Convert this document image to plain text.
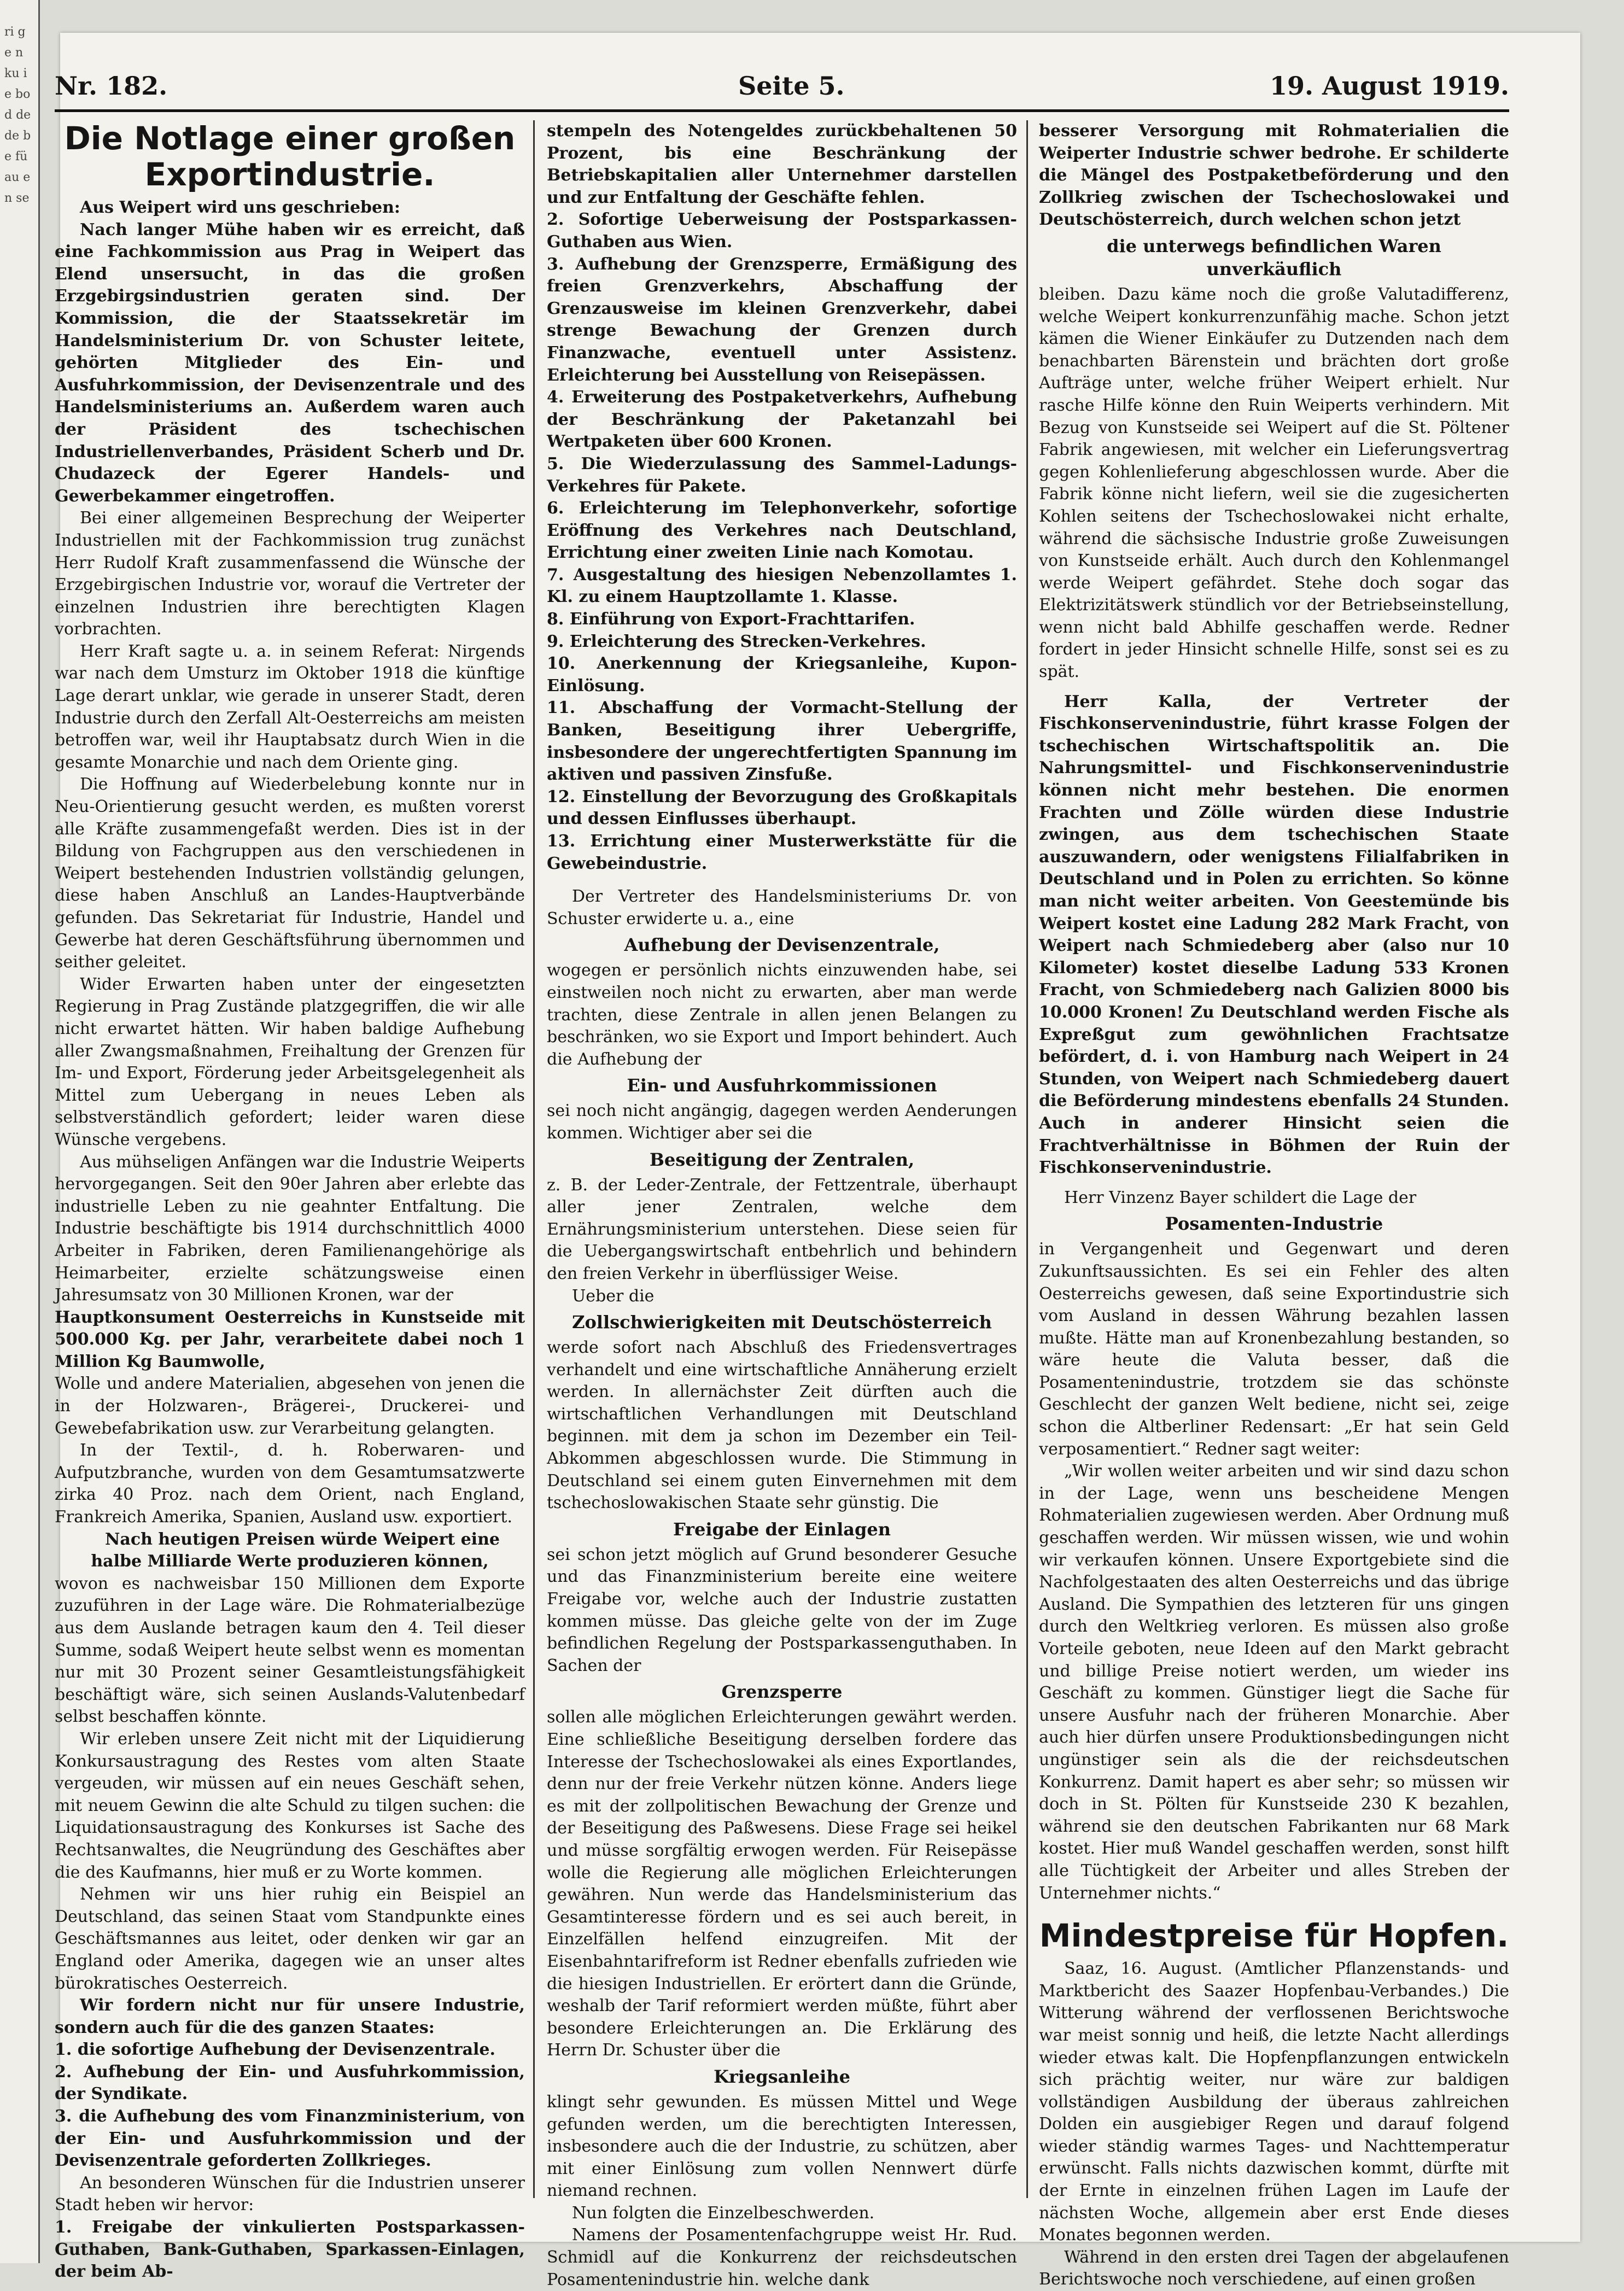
ri g e n ku ie bo d de de be fü au en se
Nr. 182.	Seite 5.	19. August 1919.
Die Notlage einer großen Exportindustrie.

Aus Weipert wird uns geschrieben:

Nach langer Mühe haben wir es erreicht, daß eine Fachkommission aus Prag in Weipert das Elend unsersucht, in das die großen Erzgebirgsindustrien geraten sind. Der Kommission, die der Staatssekretär im Handelsministerium Dr. von Schuster leitete, gehörten Mitglieder des Ein- und Ausfuhrkommission, der Devisenzentrale und des Handelsministeriums an. Außerdem waren auch der Präsident des tschechischen Industriellenverbandes, Präsident Scherb und Dr. Chudazeck der Egerer Handels- und Gewerbekammer eingetroffen.

Bei einer allgemeinen Besprechung der Weiperter Industriellen mit der Fachkommission trug zunächst Herr Rudolf Kraft zusammenfassend die Wünsche der Erzgebirgischen Industrie vor, worauf die Vertreter der einzelnen Industrien ihre berechtigten Klagen vorbrachten.

Herr Kraft sagte u. a. in seinem Referat: Nirgends war nach dem Umsturz im Oktober 1918 die künftige Lage derart unklar, wie gerade in unserer Stadt, deren Industrie durch den Zerfall Alt-Oesterreichs am meisten betroffen war, weil ihr Hauptabsatz durch Wien in die gesamte Monarchie und nach dem Oriente ging.

Die Hoffnung auf Wiederbelebung konnte nur in Neu-Orientierung gesucht werden, es mußten vorerst alle Kräfte zusammengefaßt werden. Dies ist in der Bildung von Fachgruppen aus den verschiedenen in Weipert bestehenden Industrien vollständig gelungen, diese haben Anschluß an Landes-Hauptverbände gefunden. Das Sekretariat für Industrie, Handel und Gewerbe hat deren Geschäftsführung übernommen und seither geleitet.

Wider Erwarten haben unter der eingesetzten Regierung in Prag Zustände platzgegriffen, die wir alle nicht erwartet hätten. Wir haben baldige Aufhebung aller Zwangsmaßnahmen, Freihaltung der Grenzen für Im- und Export, Förderung jeder Arbeitsgelegenheit als Mittel zum Uebergang in neues Leben als selbstverständlich gefordert; leider waren diese Wünsche vergebens.

Aus mühseligen Anfängen war die Industrie Weiperts hervorgegangen. Seit den 90er Jahren aber erlebte das industrielle Leben zu nie geahnter Entfaltung. Die Industrie beschäftigte bis 1914 durchschnittlich 4000 Arbeiter in Fabriken, deren Familienangehörige als Heimarbeiter, erzielte schätzungsweise einen Jahresumsatz von 30 Millionen Kronen, war der

Hauptkonsument Oesterreichs in Kunstseide mit 500.000 Kg. per Jahr, verarbeitete dabei noch 1 Million Kg Baumwolle,

Wolle und andere Materialien, abgesehen von jenen die in der Holzwaren-, Brägerei-, Druckerei- und Gewebefabrikation usw. zur Verarbeitung gelangten.

In der Textil-, d. h. Roberwaren- und Aufputzbranche, wurden von dem Gesamtumsatzwerte zirka 40 Proz. nach dem Orient, nach England, Frankreich Amerika, Spanien, Ausland usw. exportiert.

Nach heutigen Preisen würde Weipert eine halbe Milliarde Werte produzieren können,

wovon es nachweisbar 150 Millionen dem Exporte zuzuführen in der Lage wäre. Die Rohmaterialbezüge aus dem Auslande betragen kaum den 4. Teil dieser Summe, sodaß Weipert heute selbst wenn es momentan nur mit 30 Prozent seiner Gesamtleistungsfähigkeit beschäftigt wäre, sich seinen Auslands-Valutenbedarf selbst beschaffen könnte.

Wir erleben unsere Zeit nicht mit der Liquidierung Konkursaustragung des Restes vom alten Staate vergeuden, wir müssen auf ein neues Geschäft sehen, mit neuem Gewinn die alte Schuld zu tilgen suchen: die Liquidationsaustragung des Konkurses ist Sache des Rechtsanwaltes, die Neugründung des Geschäftes aber die des Kaufmanns, hier muß er zu Worte kommen.

Nehmen wir uns hier ruhig ein Beispiel an Deutschland, das seinen Staat vom Standpunkte eines Geschäftsmannes aus leitet, oder denken wir gar an England oder Amerika, dagegen wie an unser altes bürokratisches Oesterreich.

Wir fordern nicht nur für unsere Industrie, sondern auch für die des ganzen Staates:

1. die sofortige Aufhebung der Devisenzentrale.
2. Aufhebung der Ein- und Ausfuhrkommission, der Syndikate.
3. die Aufhebung des vom Finanzministerium, von der Ein- und Ausfuhrkommission und der Devisenzentrale geforderten Zollkrieges.

An besonderen Wünschen für die Industrien unserer Stadt heben wir hervor:

1. Freigabe der vinkulierten Postsparkassen-Guthaben, Bank-Guthaben, Sparkassen-Einlagen, der beim Ab-

stempeln des Notengeldes zurückbehaltenen 50 Prozent, bis eine Beschränkung der Betriebskapitalien aller Unternehmer darstellen und zur Entfaltung der Geschäfte fehlen.

2. Sofortige Ueberweisung der Postsparkassen-Guthaben aus Wien.
3. Aufhebung der Grenzsperre, Ermäßigung des freien Grenzverkehrs, Abschaffung der Grenzausweise im kleinen Grenzverkehr, dabei strenge Bewachung der Grenzen durch Finanzwache, eventuell unter Assistenz. Erleichterung bei Ausstellung von Reisepässen.
4. Erweiterung des Postpaketverkehrs, Aufhebung der Beschränkung der Paketanzahl bei Wertpaketen über 600 Kronen.
5. Die Wiederzulassung des Sammel-Ladungs-Verkehres für Pakete.
6. Erleichterung im Telephonverkehr, sofortige Eröffnung des Verkehres nach Deutschland, Errichtung einer zweiten Linie nach Komotau.
7. Ausgestaltung des hiesigen Nebenzollamtes 1. Kl. zu einem Hauptzollamte 1. Klasse.
8. Einführung von Export-Frachttarifen.
9. Erleichterung des Strecken-Verkehres.
10. Anerkennung der Kriegsanleihe, Kupon-Einlösung.
11. Abschaffung der Vormacht-Stellung der Banken, Beseitigung ihrer Uebergriffe, insbesondere der ungerechtfertigten Spannung im aktiven und passiven Zinsfuße.
12. Einstellung der Bevorzugung des Großkapitals und dessen Einflusses überhaupt.
13. Errichtung einer Musterwerkstätte für die Gewebeindustrie.

Der Vertreter des Handelsministeriums Dr. von Schuster erwiderte u. a., eine

Aufhebung der Devisenzentrale,

wogegen er persönlich nichts einzuwenden habe, sei einstweilen noch nicht zu erwarten, aber man werde trachten, diese Zentrale in allen jenen Belangen zu beschränken, wo sie Export und Import behindert. Auch die Aufhebung der

Ein- und Ausfuhrkommissionen

sei noch nicht angängig, dagegen werden Aenderungen kommen. Wichtiger aber sei die

Beseitigung der Zentralen,

z. B. der Leder-Zentrale, der Fettzentrale, überhaupt aller jener Zentralen, welche dem Ernährungsministerium unterstehen. Diese seien für die Uebergangswirtschaft entbehrlich und behindern den freien Verkehr in überflüssiger Weise.

Ueber die

Zollschwierigkeiten mit Deutschösterreich

werde sofort nach Abschluß des Friedensvertrages verhandelt und eine wirtschaftliche Annäherung erzielt werden. In allernächster Zeit dürften auch die wirtschaftlichen Verhandlungen mit Deutschland beginnen. mit dem ja schon im Dezember ein Teil-Abkommen abgeschlossen wurde. Die Stimmung in Deutschland sei einem guten Einvernehmen mit dem tschechoslowakischen Staate sehr günstig. Die

Freigabe der Einlagen

sei schon jetzt möglich auf Grund besonderer Gesuche und das Finanzministerium bereite eine weitere Freigabe vor, welche auch der Industrie zustatten kommen müsse. Das gleiche gelte von der im Zuge befindlichen Regelung der Postsparkassenguthaben. In Sachen der

Grenzsperre

sollen alle möglichen Erleichterungen gewährt werden. Eine schließliche Beseitigung derselben fordere das Interesse der Tschechoslowakei als eines Exportlandes, denn nur der freie Verkehr nützen könne. Anders liege es mit der zollpolitischen Bewachung der Grenze und der Beseitigung des Paßwesens. Diese Frage sei heikel und müsse sorgfältig erwogen werden. Für Reisepässe wolle die Regierung alle möglichen Erleichterungen gewähren. Nun werde das Handelsministerium das Gesamtinteresse fördern und es sei auch bereit, in Einzelfällen helfend einzugreifen. Mit der Eisenbahntarifreform ist Redner ebenfalls zufrieden wie die hiesigen Industriellen. Er erörtert dann die Gründe, weshalb der Tarif reformiert werden müßte, führt aber besondere Erleichterungen an. Die Erklärung des Herrn Dr. Schuster über die

Kriegsanleihe

klingt sehr gewunden. Es müssen Mittel und Wege gefunden werden, um die berechtigten Interessen, insbesondere auch die der Industrie, zu schützen, aber mit einer Einlösung zum vollen Nennwert dürfe niemand rechnen.

Nun folgten die Einzelbeschwerden.

Namens der Posamentenfachgruppe weist Hr. Rud. Schmidl auf die Konkurrenz der reichsdeutschen Posamentenindustrie hin. welche dank

besserer Versorgung mit Rohmaterialien die Weiperter Industrie schwer bedrohe. Er schilderte die Mängel des Postpaketbeförderung und den Zollkrieg zwischen der Tschechoslowakei und Deutschösterreich, durch welchen schon jetzt

die unterwegs befindlichen Waren unverkäuflich

bleiben. Dazu käme noch die große Valutadifferenz, welche Weipert konkurrenzunfähig mache. Schon jetzt kämen die Wiener Einkäufer zu Dutzenden nach dem benachbarten Bärenstein und brächten dort große Aufträge unter, welche früher Weipert erhielt. Nur rasche Hilfe könne den Ruin Weiperts verhindern. Mit Bezug von Kunstseide sei Weipert auf die St. Pöltener Fabrik angewiesen, mit welcher ein Lieferungsvertrag gegen Kohlenlieferung abgeschlossen wurde. Aber die Fabrik könne nicht liefern, weil sie die zugesicherten Kohlen seitens der Tschechoslowakei nicht erhalte, während die sächsische Industrie große Zuweisungen von Kunstseide erhält. Auch durch den Kohlenmangel werde Weipert gefährdet. Stehe doch sogar das Elektrizitätswerk stündlich vor der Betriebseinstellung, wenn nicht bald Abhilfe geschaffen werde. Redner fordert in jeder Hinsicht schnelle Hilfe, sonst sei es zu spät.

Herr Kalla, der Vertreter der Fischkonservenindustrie, führt krasse Folgen der tschechischen Wirtschaftspolitik an. Die Nahrungsmittel- und Fischkonservenindustrie können nicht mehr bestehen. Die enormen Frachten und Zölle würden diese Industrie zwingen, aus dem tschechischen Staate auszuwandern, oder wenigstens Filialfabriken in Deutschland und in Polen zu errichten. So könne man nicht weiter arbeiten. Von Geestemünde bis Weipert kostet eine Ladung 282 Mark Fracht, von Weipert nach Schmiedeberg aber (also nur 10 Kilometer) kostet dieselbe Ladung 533 Kronen Fracht, von Schmiedeberg nach Galizien 8000 bis 10.000 Kronen! Zu Deutschland werden Fische als Expreßgut zum gewöhnlichen Frachtsatze befördert, d. i. von Hamburg nach Weipert in 24 Stunden, von Weipert nach Schmiedeberg dauert die Beförderung mindestens ebenfalls 24 Stunden. Auch in anderer Hinsicht seien die Frachtverhältnisse in Böhmen der Ruin der Fischkonservenindustrie.

Herr Vinzenz Bayer schildert die Lage der

Posamenten-Industrie

in Vergangenheit und Gegenwart und deren Zukunftsaussichten. Es sei ein Fehler des alten Oesterreichs gewesen, daß seine Exportindustrie sich vom Ausland in dessen Währung bezahlen lassen mußte. Hätte man auf Kronenbezahlung bestanden, so wäre heute die Valuta besser, daß die Posamentenindustrie, trotzdem sie das schönste Geschlecht der ganzen Welt bediene, nicht sei, zeige schon die Altberliner Redensart: „Er hat sein Geld verposamentiert.“ Redner sagt weiter:

„Wir wollen weiter arbeiten und wir sind dazu schon in der Lage, wenn uns bescheidene Mengen Rohmaterialien zugewiesen werden. Aber Ordnung muß geschaffen werden. Wir müssen wissen, wie und wohin wir verkaufen können. Unsere Exportgebiete sind die Nachfolgestaaten des alten Oesterreichs und das übrige Ausland. Die Sympathien des letzteren für uns gingen durch den Weltkrieg verloren. Es müssen also große Vorteile geboten, neue Ideen auf den Markt gebracht und billige Preise notiert werden, um wieder ins Geschäft zu kommen. Günstiger liegt die Sache für unsere Ausfuhr nach der früheren Monarchie. Aber auch hier dürfen unsere Produktionsbedingungen nicht ungünstiger sein als die der reichsdeutschen Konkurrenz. Damit hapert es aber sehr; so müssen wir doch in St. Pölten für Kunstseide 230 K bezahlen, während sie den deutschen Fabrikanten nur 68 Mark kostet. Hier muß Wandel geschaffen werden, sonst hilft alle Tüchtigkeit der Arbeiter und alles Streben der Unternehmer nichts.“

Mindestpreise für Hopfen.

Saaz, 16. August. (Amtlicher Pflanzenstands- und Marktbericht des Saazer Hopfenbau-Verbandes.) Die Witterung während der verflossenen Berichtswoche war meist sonnig und heiß, die letzte Nacht allerdings wieder etwas kalt. Die Hopfenpflanzungen entwickeln sich prächtig weiter, nur wäre zur baldigen vollständigen Ausbildung der überaus zahlreichen Dolden ein ausgiebiger Regen und darauf folgend wieder ständig warmes Tages- und Nachttemperatur erwünscht. Falls nichts dazwischen kommt, dürfte mit der Ernte in einzelnen frühen Lagen im Laufe der nächsten Woche, allgemein aber erst Ende dieses Monates begonnen werden.

Während in den ersten drei Tagen der abgelaufenen Berichtswoche noch verschiedene, auf einen großen
